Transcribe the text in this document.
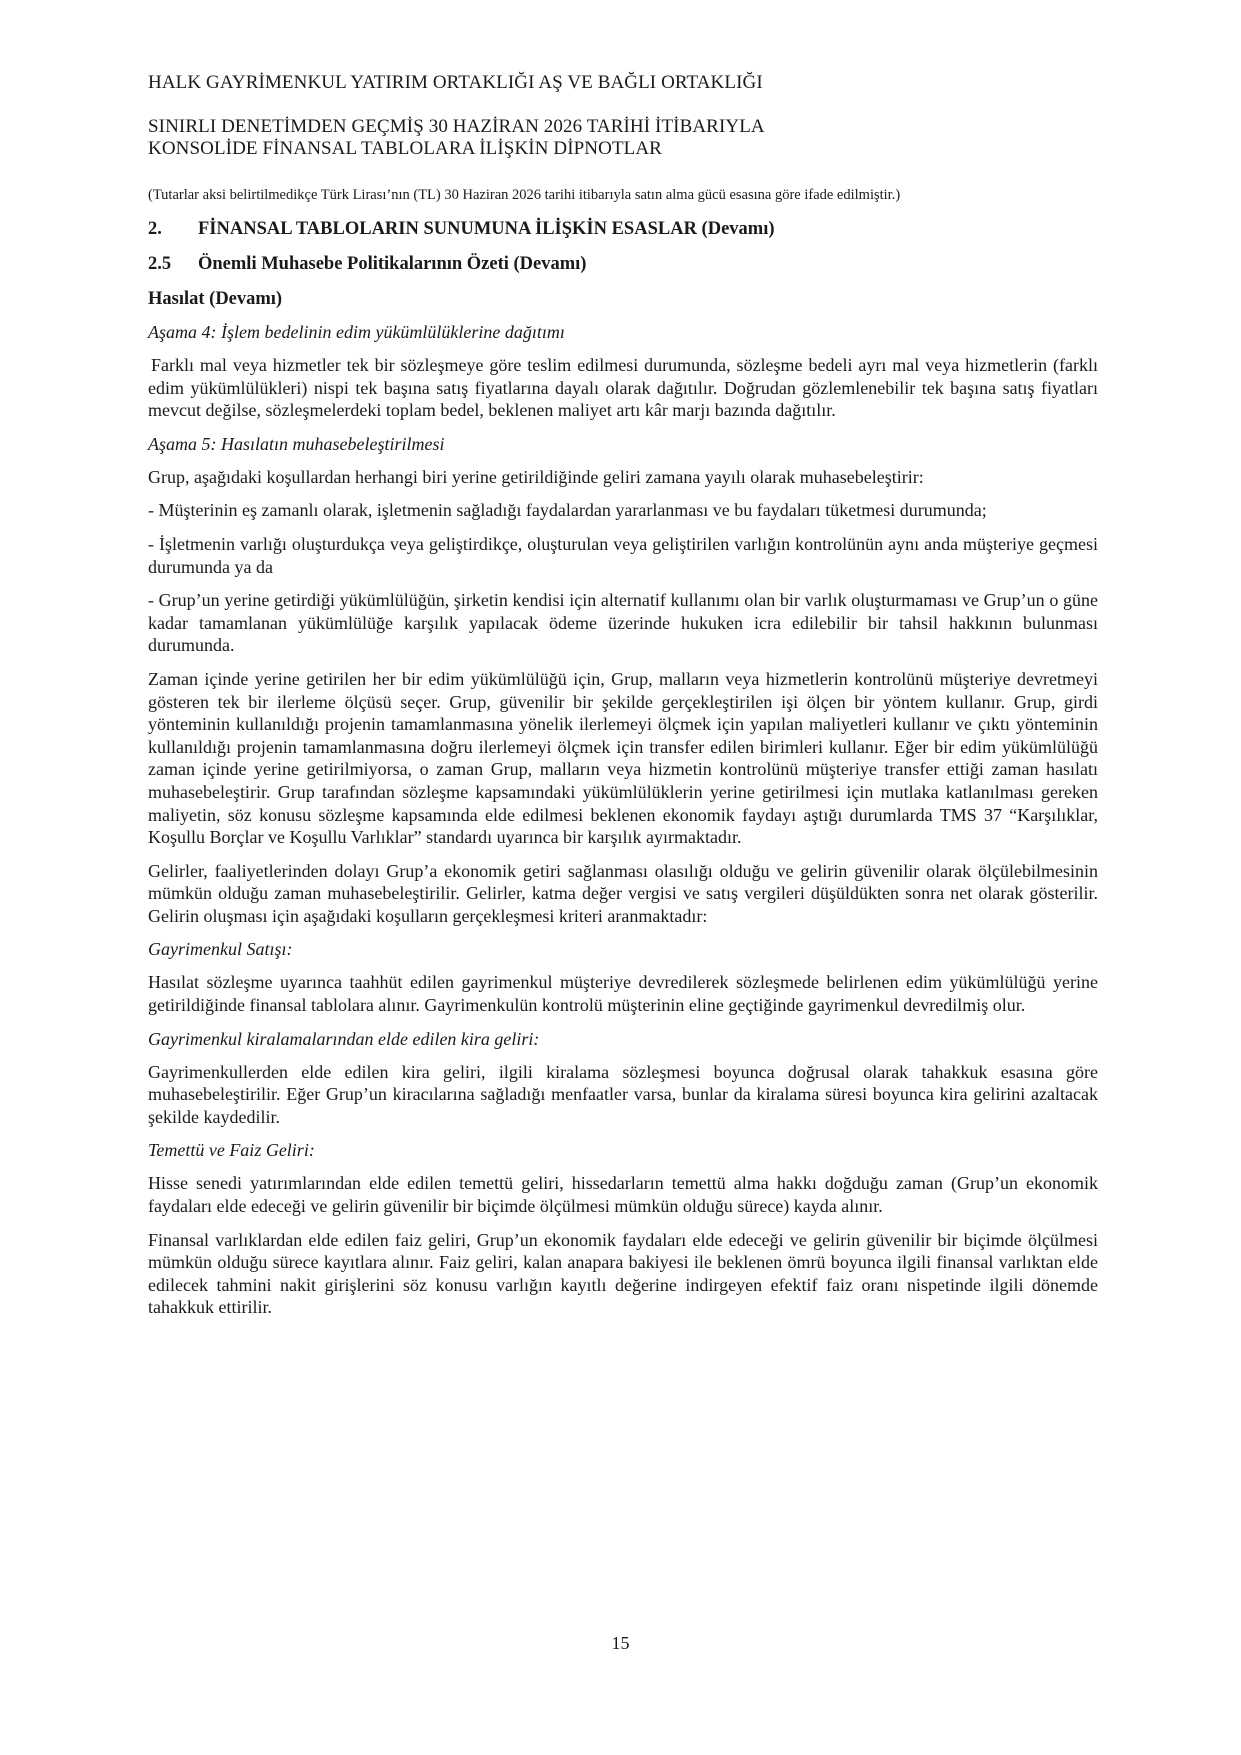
HALK GAYRİMENKUL YATIRIM ORTAKLIĞI AŞ VE BAĞLI ORTAKLIĞI

SINIRLI DENETİMDEN GEÇMİŞ 30 HAZİRAN 2026 TARİHİ İTİBARIYLA

KONSOLİDE FİNANSAL TABLOLARA İLİŞKİN DİPNOTLAR

(Tutarlar aksi belirtilmedikçe Türk Lirası’nın (TL) 30 Haziran 2026 tarihi itibarıyla satın alma gücü esasına göre ifade edilmiştir.)

2.	FİNANSAL TABLOLARIN SUNUMUNA İLİŞKİN ESASLAR (Devamı)
2.5	Önemli Muhasebe Politikalarının Özeti (Devamı)

Hasılat (Devamı)

Aşama 4: İşlem bedelinin edim yükümlülüklerine dağıtımı

Farklı mal veya hizmetler tek bir sözleşmeye göre teslim edilmesi durumunda, sözleşme bedeli ayrı mal veya hizmetlerin (farklı edim yükümlülükleri) nispi tek başına satış fiyatlarına dayalı olarak dağıtılır. Doğrudan gözlemlenebilir tek başına satış fiyatları mevcut değilse, sözleşmelerdeki toplam bedel, beklenen maliyet artı kâr marjı bazında dağıtılır.

Aşama 5: Hasılatın muhasebeleştirilmesi

Grup, aşağıdaki koşullardan herhangi biri yerine getirildiğinde geliri zamana yayılı olarak muhasebeleştirir:

- Müşterinin eş zamanlı olarak, işletmenin sağladığı faydalardan yararlanması ve bu faydaları tüketmesi durumunda;

- İşletmenin varlığı oluşturdukça veya geliştirdikçe, oluşturulan veya geliştirilen varlığın kontrolünün aynı anda müşteriye geçmesi durumunda ya da

- Grup’un yerine getirdiği yükümlülüğün, şirketin kendisi için alternatif kullanımı olan bir varlık oluşturmaması ve Grup’un o güne kadar tamamlanan yükümlülüğe karşılık yapılacak ödeme üzerinde hukuken icra edilebilir bir tahsil hakkının bulunması durumunda.

Zaman içinde yerine getirilen her bir edim yükümlülüğü için, Grup, malların veya hizmetlerin kontrolünü müşteriye devretmeyi gösteren tek bir ilerleme ölçüsü seçer. Grup, güvenilir bir şekilde gerçekleştirilen işi ölçen bir yöntem kullanır. Grup, girdi yönteminin kullanıldığı projenin tamamlanmasına yönelik ilerlemeyi ölçmek için yapılan maliyetleri kullanır ve çıktı yönteminin kullanıldığı projenin tamamlanmasına doğru ilerlemeyi ölçmek için transfer edilen birimleri kullanır. Eğer bir edim yükümlülüğü zaman içinde yerine getirilmiyorsa, o zaman Grup, malların veya hizmetin kontrolünü müşteriye transfer ettiği zaman hasılatı muhasebeleştirir. Grup tarafından sözleşme kapsamındaki yükümlülüklerin yerine getirilmesi için mutlaka katlanılması gereken maliyetin, söz konusu sözleşme kapsamında elde edilmesi beklenen ekonomik faydayı aştığı durumlarda TMS 37 “Karşılıklar, Koşullu Borçlar ve Koşullu Varlıklar” standardı uyarınca bir karşılık ayırmaktadır.

Gelirler, faaliyetlerinden dolayı Grup’a ekonomik getiri sağlanması olasılığı olduğu ve gelirin güvenilir olarak ölçülebilmesinin mümkün olduğu zaman muhasebeleştirilir. Gelirler, katma değer vergisi ve satış vergileri düşüldükten sonra net olarak gösterilir. Gelirin oluşması için aşağıdaki koşulların gerçekleşmesi kriteri aranmaktadır:

Gayrimenkul Satışı:

Hasılat sözleşme uyarınca taahhüt edilen gayrimenkul müşteriye devredilerek sözleşmede belirlenen edim yükümlülüğü yerine getirildiğinde finansal tablolara alınır. Gayrimenkulün kontrolü müşterinin eline geçtiğinde gayrimenkul devredilmiş olur.

Gayrimenkul kiralamalarından elde edilen kira geliri:

Gayrimenkullerden elde edilen kira geliri, ilgili kiralama sözleşmesi boyunca doğrusal olarak tahakkuk esasına göre muhasebeleştirilir. Eğer Grup’un kiracılarına sağladığı menfaatler varsa, bunlar da kiralama süresi boyunca kira gelirini azaltacak şekilde kaydedilir.

Temettü ve Faiz Geliri:

Hisse senedi yatırımlarından elde edilen temettü geliri, hissedarların temettü alma hakkı doğduğu zaman (Grup’un ekonomik faydaları elde edeceği ve gelirin güvenilir bir biçimde ölçülmesi mümkün olduğu sürece) kayda alınır.

Finansal varlıklardan elde edilen faiz geliri, Grup’un ekonomik faydaları elde edeceği ve gelirin güvenilir bir biçimde ölçülmesi mümkün olduğu sürece kayıtlara alınır. Faiz geliri, kalan anapara bakiyesi ile beklenen ömrü boyunca ilgili finansal varlıktan elde edilecek tahmini nakit girişlerini söz konusu varlığın kayıtlı değerine indirgeyen efektif faiz oranı nispetinde ilgili dönemde tahakkuk ettirilir.

15
